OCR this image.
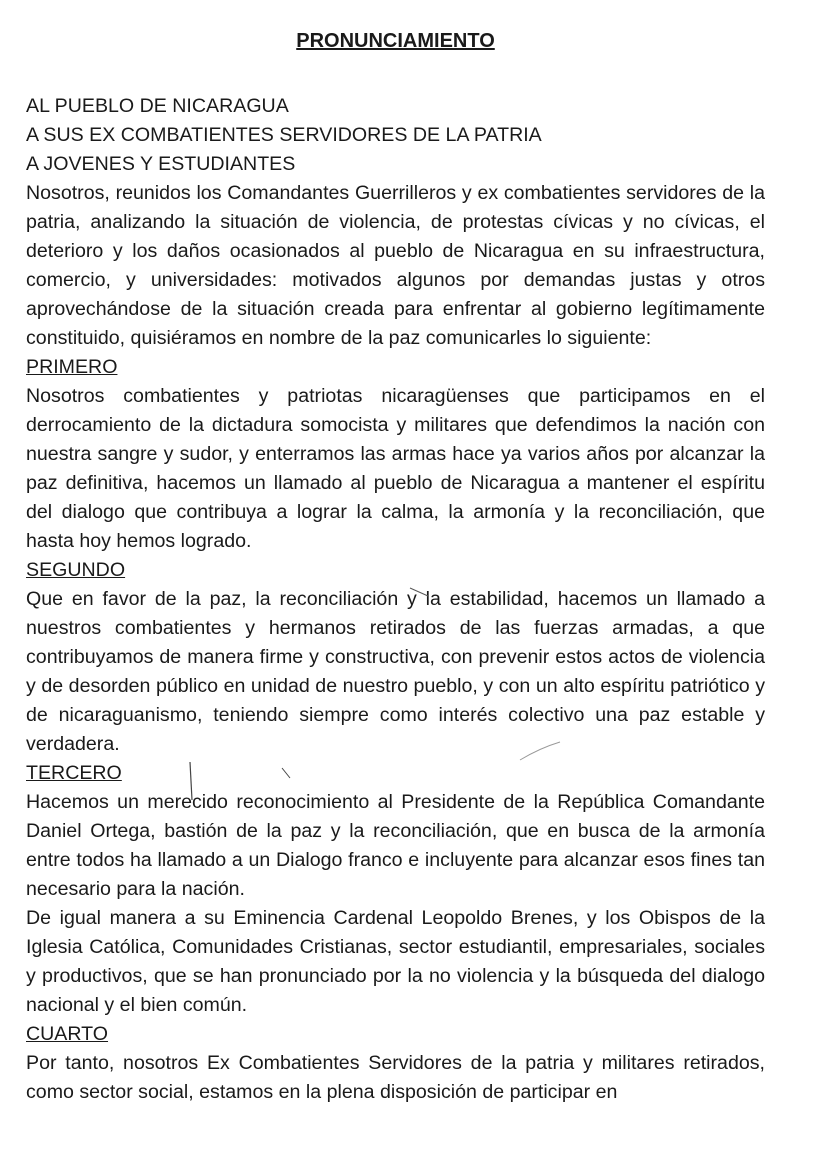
PRONUNCIAMIENTO

AL PUEBLO DE NICARAGUA

A SUS EX COMBATIENTES SERVIDORES DE LA PATRIA

A JOVENES Y ESTUDIANTES

Nosotros, reunidos los Comandantes Guerrilleros y ex combatientes servidores de la patria, analizando la situación de violencia, de protestas cívicas y no cívicas, el deterioro y los daños ocasionados al pueblo de Nicaragua en su infraestructura, comercio, y universidades: motivados algunos por demandas justas y otros aprovechándose de la situación creada para enfrentar al gobierno legítimamente constituido, quisiéramos en nombre de la paz comunicarles lo siguiente:

PRIMERO

Nosotros combatientes y patriotas nicaragüenses que participamos en el derrocamiento de la dictadura somocista y militares que defendimos la nación con nuestra sangre y sudor, y enterramos las armas hace ya varios años por alcanzar la paz definitiva, hacemos un llamado al pueblo de Nicaragua a mantener el espíritu del dialogo que contribuya a lograr la calma, la armonía y la reconciliación, que hasta hoy hemos logrado.

SEGUNDO

Que en favor de la paz, la reconciliación y la estabilidad, hacemos un llamado a nuestros combatientes y hermanos retirados de las fuerzas armadas, a que contribuyamos de manera firme y constructiva, con prevenir estos actos de violencia y de desorden público en unidad de nuestro pueblo, y con un alto espíritu patriótico y de nicaraguanismo, teniendo siempre como interés colectivo una paz estable y verdadera.

TERCERO

Hacemos un merecido reconocimiento al Presidente de la República Comandante Daniel Ortega, bastión de la paz y la reconciliación, que en busca de la armonía entre todos ha llamado a un Dialogo franco e incluyente para alcanzar esos fines tan necesario para la nación.

De igual manera a su Eminencia Cardenal Leopoldo Brenes, y los Obispos de la Iglesia Católica, Comunidades Cristianas, sector estudiantil, empresariales, sociales y productivos, que se han pronunciado por la no violencia y la búsqueda del dialogo nacional y el bien común.

CUARTO

Por tanto, nosotros Ex Combatientes Servidores de la patria y militares retirados, como sector social, estamos en la plena disposición de participar en
